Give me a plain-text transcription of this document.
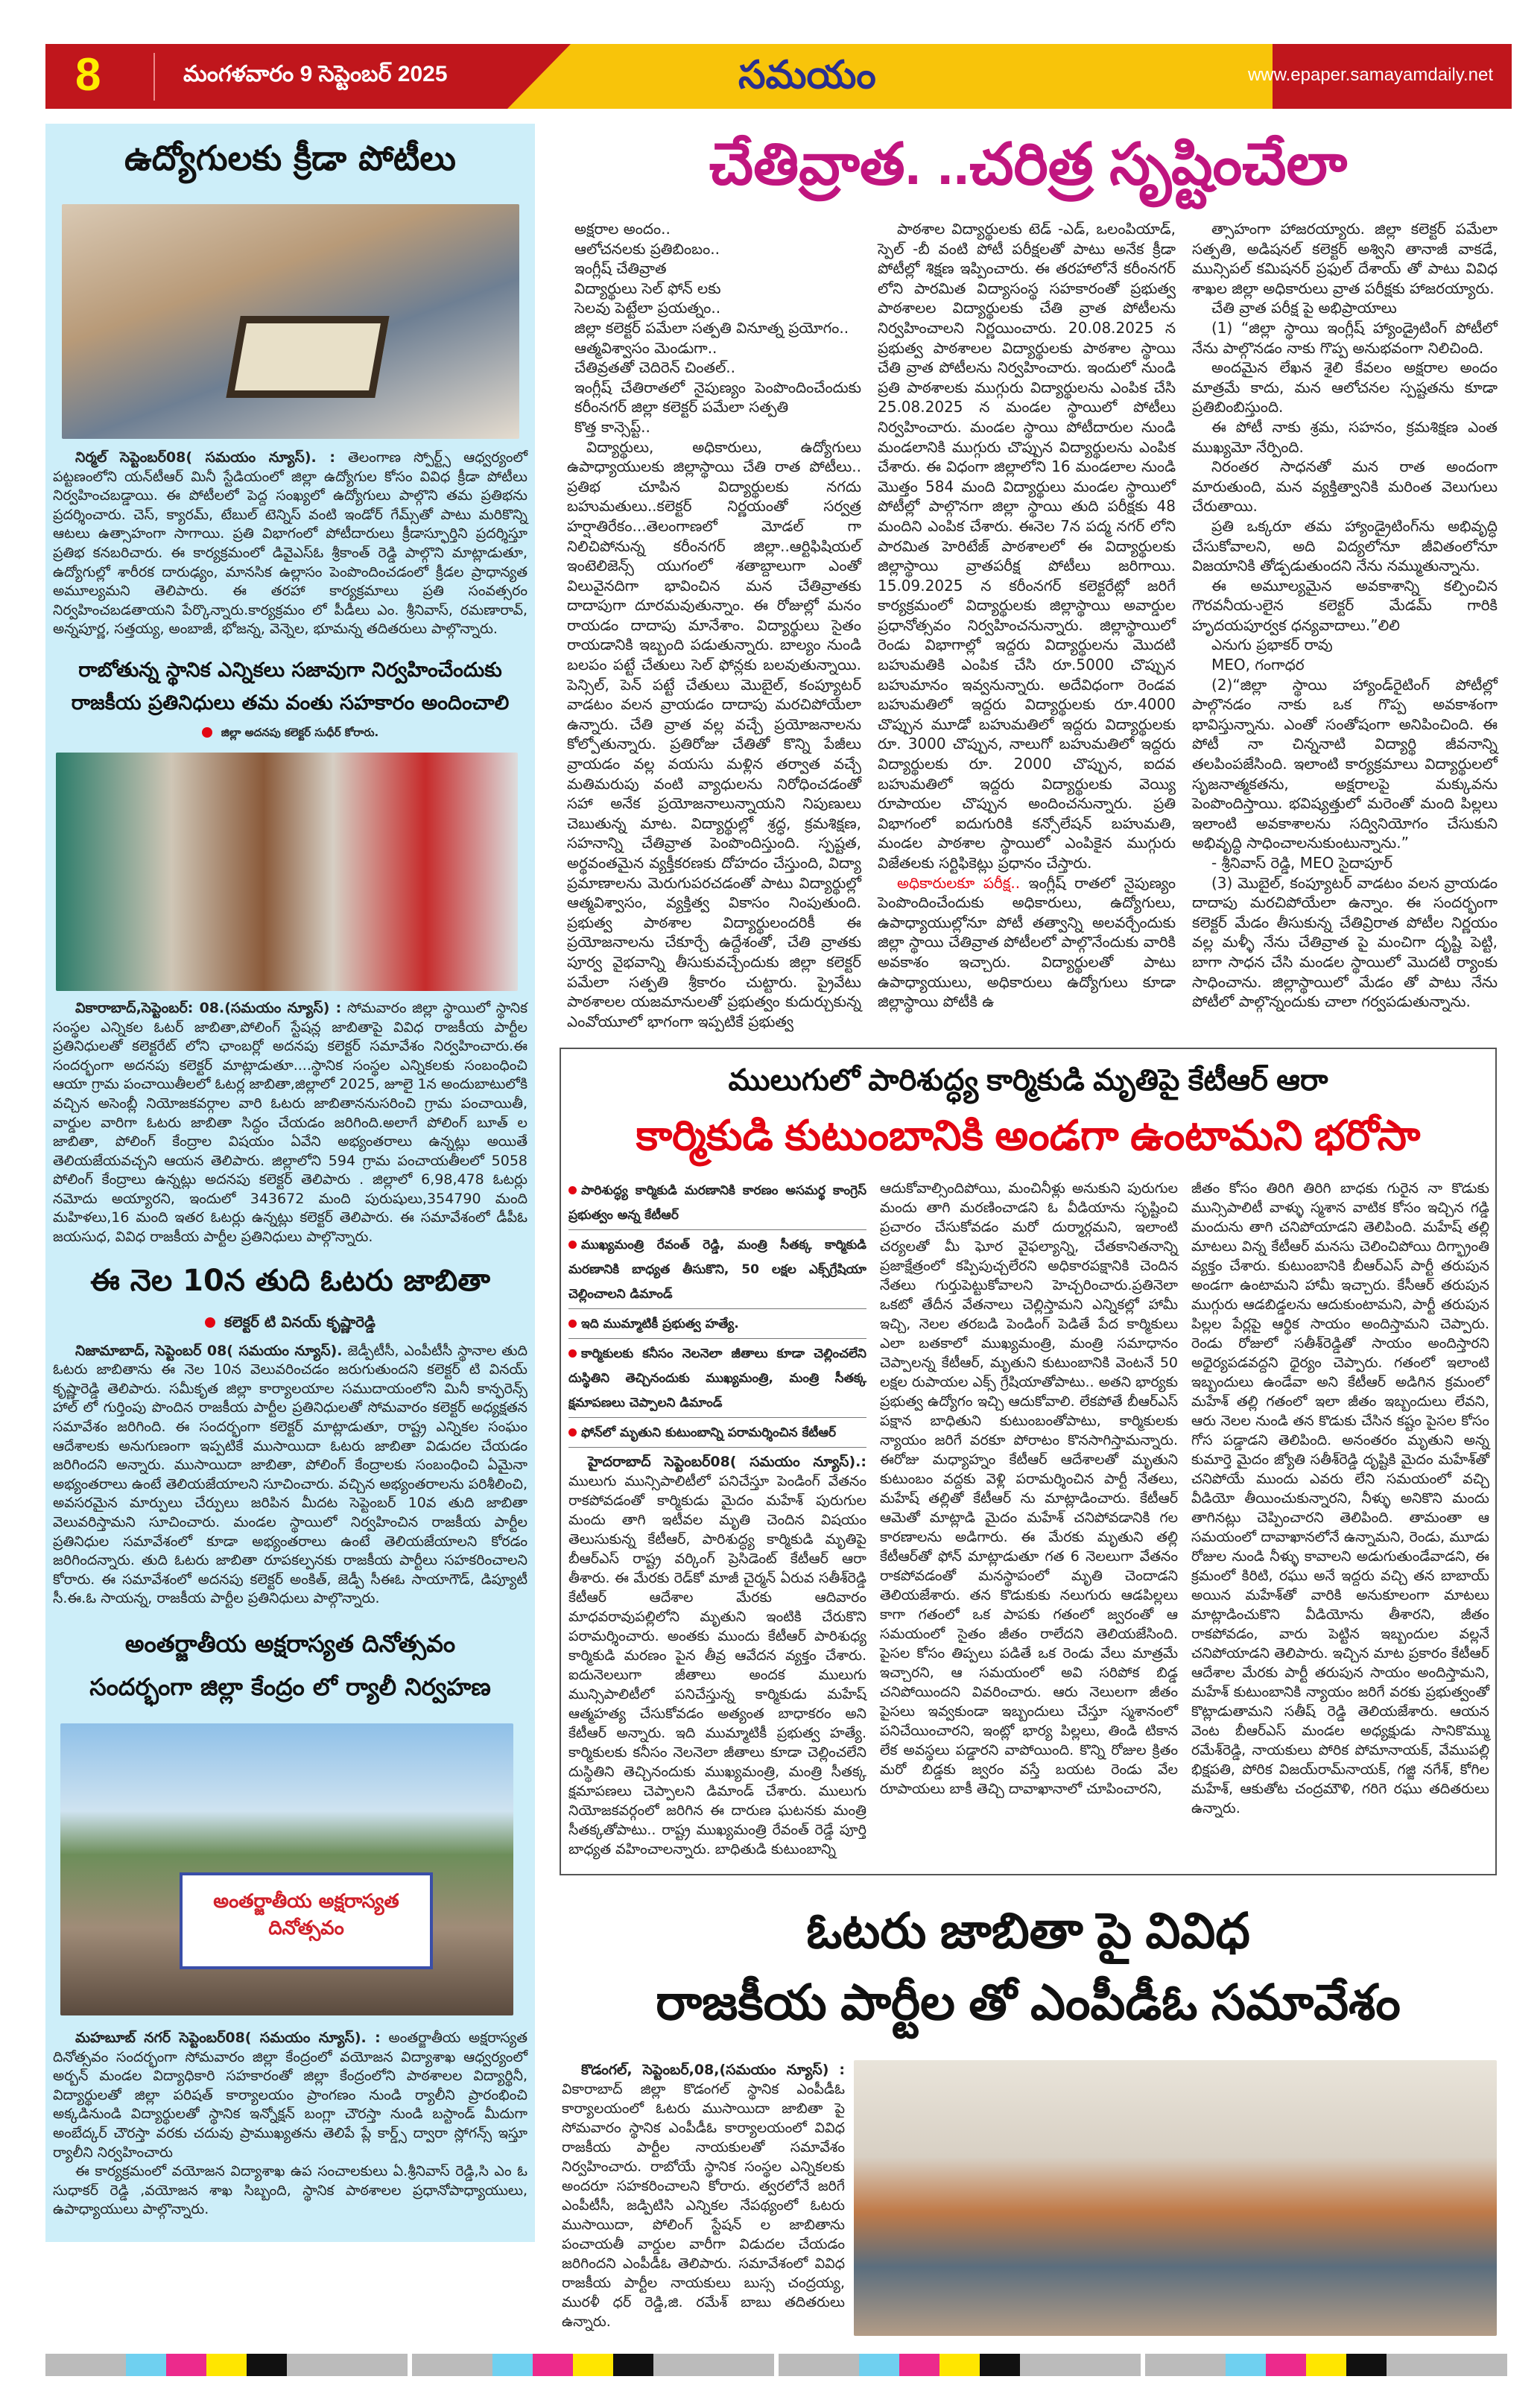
8	మంగళవారం 9 సెప్టెంబర్ 2025	సమయం	www.epaper.samayamdaily.net
ఉద్యోగులకు క్రీడా పోటీలు

నిర్మల్ సెప్టెంబర్08( సమయం న్యూస్). : తెలంగాణ స్పోర్ట్స్ ఆధ్వర్యంలో పట్టణంలోని యన్‌టీఆర్ మినీ స్టేడియంలో జిల్లా ఉద్యోగుల కోసం వివిధ క్రీడా పోటీలు నిర్వహించబడ్డాయి. ఈ పోటీలలో పెద్ద సంఖ్యలో ఉద్యోగులు పాల్గొని తమ ప్రతిభను ప్రదర్శించారు. చెస్, క్యారమ్, టేబుల్ టెన్నిస్ వంటి ఇండోర్ గేమ్స్‌తో పాటు మరికొన్ని ఆటలు ఉత్సాహంగా సాగాయి. ప్రతి విభాగంలో పోటీదారులు క్రీడాస్ఫూర్తిని ప్రదర్శిస్తూ ప్రతిభ కనబరిచారు. ఈ కార్యక్రమంలో డివైఎస్‌ఓ శ్రీకాంత్ రెడ్డి పాల్గొని మాట్లాడుతూ, ఉద్యోగుల్లో శారీరక దారుఢ్యం, మానసిక ఉల్లాసం పెంపొందించడంలో క్రీడల ప్రాధాన్యత అమూల్యమని తెలిపారు. ఈ తరహా కార్యక్రమాలు ప్రతి సంవత్సరం నిర్వహించబడతాయని పేర్కొన్నారు.కార్యక్రమం లో పీడీలు ఎం. శ్రీనివాస్, రమణారావ్, అన్నపూర్ణ, సత్తయ్య, అంబాజీ, భోజన్న, వెన్నెల, భూమన్న తదితరులు పాల్గొన్నారు.

రాబోతున్న స్థానిక ఎన్నికలు సజావుగా నిర్వహించేందుకు
రాజకీయ ప్రతినిధులు తమ వంతు సహకారం అందించాలి
జిల్లా అదనపు కలెక్టర్ సుధీర్ కోరారు.

వికారాబాద్,సెప్టెంబర్: 08.(సమయం న్యూస్) : సోమవారం జిల్లా స్థాయిలో స్థానిక సంస్థల ఎన్నికల ఓటర్ జాబితా,పోలింగ్ స్టేషన్ల జాబితాపై వివిధ రాజకీయ పార్టీల ప్రతినిధులతో కలెక్టరేట్ లోని ఛాంబర్లో అదనపు కలెక్టర్ సమావేశం నిర్వహించారు.ఈ సందర్భంగా అదనపు కలెక్టర్ మాట్లాడుతూ....స్థానిక సంస్థల ఎన్నికలకు సంబంధించి ఆయా గ్రామ పంచాయితీలలో ఓటర్ల జాబితా,జిల్లాలో 2025, జూలై 1న అందుబాటులోకి వచ్చిన అసెంబ్లీ నియోజకవర్గాల వారి ఓటరు జాబితాననుసరించి గ్రామ పంచాయితీ, వార్డుల వారిగా ఓటరు జాబితా సిద్ధం చేయడం జరిగింది.అలాగే పోలింగ్ బూత్ ల జాబితా, పోలింగ్ కేంద్రాల విషయం ఏవేని అభ్యంతరాలు ఉన్నట్లు అయితే తెలియజేయవచ్చని ఆయన తెలిపారు. జిల్లాలోని 594 గ్రామ పంచాయతీలలో 5058 పోలింగ్ కేంద్రాలు ఉన్నట్లు అదనపు కలెక్టర్ తెలిపారు . జిల్లాలో 6,98,478 ఓటర్లు నమోదు అయ్యారని, ఇందులో 343672 మంది పురుషులు,354790 మంది మహిళలు,16 మంది ఇతర ఓటర్లు ఉన్నట్లు కలెక్టర్ తెలిపారు. ఈ సమావేశంలో డీపీఓ జయసుధ, వివిధ రాజకీయ పార్టీల ప్రతినిధులు పాల్గొన్నారు.

ఈ నెల 10న తుది ఓటరు జాబితా
కలెక్టర్ టి వినయ్ కృష్ణారెడ్డి

నిజామాబాద్, సెప్టెంబర్ 08( సమయం న్యూస్). జెడ్పీటీసీ, ఎంపీటీసీ స్థానాల తుది ఓటరు జాబితాను ఈ నెల 10న వెలువరించడం జరుగుతుందని కలెక్టర్ టి వినయ్ కృష్ణారెడ్డి తెలిపారు. సమీకృత జిల్లా కార్యాలయాల సముదాయంలోని మినీ కాన్ఫరెన్స్ హాల్ లో గుర్తింపు పొందిన రాజకీయ పార్టీల ప్రతినిధులతో సోమవారం కలెక్టర్ అధ్యక్షతన సమావేశం జరిగింది. ఈ సందర్భంగా కలెక్టర్ మాట్లాడుతూ, రాష్ట్ర ఎన్నికల సంఘం ఆదేశాలకు అనుగుణంగా ఇప్పటికే ముసాయిదా ఓటరు జాబితా విడుదల చేయడం జరిగిందని అన్నారు. ముసాయిదా జాబితా, పోలింగ్ కేంద్రాలకు సంబంధించి ఏమైనా అభ్యంతరాలు ఉంటే తెలియజేయాలని సూచించారు. వచ్చిన అభ్యంతరాలను పరిశీలించి, అవసరమైన మార్పులు చేర్పులు జరిపిన మీదట సెప్టెంబర్ 10వ తుది జాబితా వెలువరిస్తామని సూచించారు. మండల స్థాయిలో నిర్వహించిన రాజకీయ పార్టీల ప్రతినిధుల సమావేశంలో కూడా అభ్యంతరాలు ఉంటే తెలియజేయాలని కోరడం జరిగిందన్నారు. తుది ఓటరు జాబితా రూపకల్పనకు రాజకీయ పార్టీలు సహకరించాలని కోరారు. ఈ సమావేశంలో అదనపు కలెక్టర్ అంకిత్, జెడ్పీ సీఈఓ సాయాగౌడ్, డిప్యూటీ సీ.ఈ.ఓ సాయన్న, రాజకీయ పార్టీల ప్రతినిధులు పాల్గొన్నారు.

అంతర్జాతీయ అక్షరాస్యత దినోత్సవం
సందర్భంగా జిల్లా కేంద్రం లో ర్యాలీ నిర్వహణ
అంతర్జాతీయ అక్షరాస్యత దినోత్సవం

మహబూబ్ నగర్ సెప్టెంబర్08( సమయం న్యూస్). : అంతర్జాతీయ అక్షరాస్యత దినోత్సవం సందర్భంగా సోమవారం జిల్లా కేంద్రంలో వయోజన విద్యాశాఖ ఆధ్వర్యంలో అర్బన్ మండల విద్యాధికారి సహకారంతో జిల్లా కేంద్రంలోని పాఠశాలల విద్యార్థినీ, విద్యార్థులతో జిల్లా పరిషత్ కార్యాలయం ప్రాంగణం నుండి ర్యాలీని ప్రారంభించి అక్కడినుండి విద్యార్థులతో స్థానిక ఇన్నోక్షన్ బంగ్లా చౌరస్తా నుండి బస్టాండ్ మీదుగా అంబేద్కర్ చౌరస్తా వరకు చదువు ప్రాముఖ్యతను తెలిపే ప్లే కార్డ్స్ ద్వారా స్లోగన్స్ ఇస్తూ ర్యాలీని నిర్వహించారు

ఈ కార్యక్రమంలో వయోజన విద్యాశాఖ ఉప సంచాలకులు ఏ.శ్రీనివాస్ రెడ్డి,సి ఎం ఓ సుధాకర్ రెడ్డి ,వయోజన శాఖ సిబ్బంది, స్థానిక పాఠశాలల ప్రధానోపాధ్యాయులు, ఉపాధ్యాయులు పాల్గొన్నారు.

చేతివ్రాత. ..చరిత్ర సృష్టించేలా
అక్షరాల అందం..
ఆలోచనలకు ప్రతిబింబం..
ఇంగ్లీష్ చేతివ్రాత
విద్యార్థులు సెల్ ఫోన్ లకు
సెలవు పెట్టేలా ప్రయత్నం..
జిల్లా కలెక్టర్ పమేలా సత్పతి వినూత్న ప్రయోగం..
ఆత్మవిశ్వాసం మెండుగా..
చేతివ్రతతో చెదిరెన్ చింతల్..
ఇంగ్లీష్ చేతిరాతలో నైపుణ్యం పెంపొందించేందుకు కరీంనగర్ జిల్లా కలెక్టర్ పమేలా సత్పతి
కొత్త కాన్సెప్ట్..

విద్యార్థులు, అధికారులు, ఉద్యోగులు ఉపాధ్యాయులకు జిల్లాస్థాయి చేతి రాత పోటీలు.. ప్రతిభ చూపిన విద్యార్థులకు నగదు బహుమతులు..కలెక్టర్ నిర్ణయంతో సర్వత్ర హర్షాతిరేకం...తెలంగాణలో మోడల్ గా నిలిచిపోనున్న కరీంనగర్ జిల్లా..ఆర్టిఫిషియల్ ఇంటెలిజెన్స్ యుగంలో శతాబ్దాలుగా ఎంతో విలువైనదిగా భావించిన మన చేతివ్రాతకు దాదాపుగా దూరమవుతున్నాం. ఈ రోజుల్లో మనం రాయడం దాదాపు మానేశాం. విద్యార్థులు సైతం రాయడానికి ఇబ్బంది పడుతున్నారు. బాల్యం నుండి బలపం పట్టే చేతులు సెల్ ఫోన్లకు బలవుతున్నాయి. పెన్సిల్, పెన్ పట్టే చేతులు మొబైల్, కంప్యూటర్ వాడటం వలన వ్రాయడం దాదాపు మరచిపోయేలా ఉన్నారు. చేతి వ్రాత వల్ల వచ్చే ప్రయోజనాలను కోల్పోతున్నారు. ప్రతిరోజు చేతితో కొన్ని పేజీలు వ్రాయడం వల్ల వయసు మళ్లిన తర్వాత వచ్చే మతిమరుపు వంటి వ్యాధులను నిరోధించడంతో సహా అనేక ప్రయోజనాలున్నాయని నిపుణులు చెబుతున్న మాట. విద్యార్థుల్లో శ్రద్ధ, క్రమశిక్షణ, సహనాన్ని చేతివ్రాత పెంపొందిస్తుంది. స్పష్టత, అర్థవంతమైన వ్యక్తీకరణకు దోహదం చేస్తుంది, విద్యా ప్రమాణాలను మెరుగుపరచడంతో పాటు విద్యార్థుల్లో ఆత్మవిశ్వాసం, వ్యక్తిత్వ వికాసం నింపుతుంది. ప్రభుత్వ పాఠశాల విద్యార్థులందరికీ ఈ ప్రయోజనాలను చేకూర్చే ఉద్దేశంతో, చేతి వ్రాతకు పూర్వ వైభవాన్ని తీసుకువచ్చేందుకు జిల్లా కలెక్టర్ పమేలా సత్పతి శ్రీకారం చుట్టారు. ప్రైవేటు పాఠశాలల యజమానులతో ప్రభుత్వం కుదుర్చుకున్న ఎంవోయూలో భాగంగా ఇప్పటికే ప్రభుత్వ

పాఠశాల విద్యార్థులకు టెడ్ -ఎడ్, ఒలంపియాడ్, స్పెల్ -బీ వంటి పోటీ పరీక్షలతో పాటు అనేక క్రీడా పోటీల్లో శిక్షణ ఇప్పించారు. ఈ తరహాలోనే కరీంనగర్ లోని పారమిత విద్యాసంస్థ సహకారంతో ప్రభుత్వ పాఠశాలల విద్యార్థులకు చేతి వ్రాత పోటీలను నిర్వహించాలని నిర్ణయించారు. 20.08.2025 న ప్రభుత్వ పాఠశాలల విద్యార్థులకు పాఠశాల స్థాయి చేతి వ్రాత పోటీలను నిర్వహించారు. ఇందులో నుండి ప్రతి పాఠశాలకు ముగ్గురు విద్యార్థులను ఎంపిక చేసి 25.08.2025 న మండల స్థాయిలో పోటీలు నిర్వహించారు. మండల స్థాయి పోటీదారుల నుండి మండలానికి ముగ్గురు చొప్పున విద్యార్థులను ఎంపిక చేశారు. ఈ విధంగా జిల్లాలోని 16 మండలాల నుండి మొత్తం 584 మంది విద్యార్థులు మండల స్థాయిలో పోటీల్లో పాల్గొనగా జిల్లా స్థాయి తుది పరీక్షకు 48 మందిని ఎంపిక చేశారు. ఈనెల 7న పద్మ నగర్ లోని పారమిత హెరిటేజ్ పాఠశాలలో ఈ విద్యార్థులకు జిల్లాస్థాయి వ్రాతపరీక్ష పోటీలు జరిగాయి. 15.09.2025 న కరీంనగర్ కలెక్టరేట్లో జరిగే కార్యక్రమంలో విద్యార్థులకు జిల్లాస్థాయి అవార్డుల ప్రధానోత్సవం నిర్వహించనున్నారు. జిల్లాస్థాయిలో రెండు విభాగాల్లో ఇద్దరు విద్యార్థులను మొదటి బహుమతికి ఎంపిక చేసి రూ.5000 చొప్పున బహుమానం ఇవ్వనున్నారు. అదేవిధంగా రెండవ బహుమతిలో ఇద్దరు విద్యార్థులకు రూ.4000 చొప్పున మూడో బహుమతిలో ఇద్దరు విద్యార్థులకు రూ. 3000 చొప్పున, నాలుగో బహుమతిలో ఇద్దరు విద్యార్థులకు రూ. 2000 చొప్పున, ఐదవ బహుమతిలో ఇద్దరు విద్యార్థులకు వెయ్యి రూపాయల చొప్పున అందించనున్నారు. ప్రతి విభాగంలో ఐదుగురికి కన్సోలేషన్ బహుమతి, మండల పాఠశాల స్థాయిలో ఎంపికైన ముగ్గురు విజేతలకు సర్టిఫికెట్లు ప్రధానం చేస్తారు.

అధికారులకూ పరీక్ష.. ఇంగ్లీష్ రాతలో నైపుణ్యం పెంపొందించేందుకు అధికారులు, ఉద్యోగులు, ఉపాధ్యాయుల్లోనూ పోటీ తత్వాన్ని అలవర్చేందుకు జిల్లా స్థాయి చేతివ్రాత పోటీలలో పాల్గొనేందుకు వారికి అవకాశం ఇచ్చారు. విద్యార్థులతో పాటు ఉపాధ్యాయులు, అధికారులు ఉద్యోగులు కూడా జిల్లాస్థాయి పోటీకి ఉ

త్సాహంగా హాజరయ్యారు. జిల్లా కలెక్టర్ పమేలా సత్పతి, అడిషనల్ కలెక్టర్ అశ్విని తానాజీ వాకడే, మున్సిపల్ కమిషనర్ ప్రఫుల్ దేశాయ్ తో పాటు వివిధ శాఖల జిల్లా అధికారులు వ్రాత పరీక్షకు హాజరయ్యారు.

చేతి వ్రాత పరీక్ష పై అభిప్రాయాలు

(1) “జిల్లా స్థాయి ఇంగ్లీష్ హ్యాండ్రైటింగ్ పోటీలో నేను పాల్గొనడం నాకు గొప్ప అనుభవంగా నిలిచింది.

అందమైన లేఖన శైలి కేవలం అక్షరాల అందం మాత్రమే కాదు, మన ఆలోచనల స్పష్టతను కూడా ప్రతిబింబిస్తుంది.

ఈ పోటీ నాకు శ్రమ, సహనం, క్రమశిక్షణ ఎంత ముఖ్యమో నేర్పింది.

నిరంతర సాధనతో మన రాత అందంగా మారుతుంది, మన వ్యక్తిత్వానికి మరింత వెలుగులు చేరుతాయి.

ప్రతి ఒక్కరూ తమ హ్యాండ్రైటింగ్‌ను అభివృద్ధి చేసుకోవాలని, అది విద్యలోనూ జీవితంలోనూ విజయానికి తోడ్పడుతుందని నేను నమ్ముతున్నాను.

ఈ అమూల్యమైన అవకాశాన్ని కల్పించిన గౌరవనీయ-ులైన కలెక్టర్ మేడమ్ గారికి హృదయపూర్వక ధన్యవాదాలు.”లిలి

ఎనుగు ప్రభాకర్ రావు

MEO, గంగాధర

(2)“జిల్లా స్థాయి హ్యాండ్‌రైటింగ్ పోటీల్లో పాల్గొనడం నాకు ఒక గొప్ప అవకాశంగా భావిస్తున్నాను. ఎంతో సంతోషంగా అనిపించింది. ఈ పోటీ నా చిన్ననాటి విద్యార్థి జీవనాన్ని తలపింపజేసింది. ఇలాంటి కార్యక్రమాలు విద్యార్థులలో సృజనాత్మకతను, అక్షరాలపై మక్కువను పెంపొందిస్తాయి. భవిష్యత్తులో మరెంతో మంది పిల్లలు ఇలాంటి అవకాశాలను సద్వినియోగం చేసుకుని అభివృద్ధి సాధించాలనుకుంటున్నాను.”

- శ్రీనివాస్ రెడ్డి, MEO సైదాపూర్

(3) మొబైల్, కంప్యూటర్ వాడటం వలన వ్రాయడం దాదాపు మరచిపోయేలా ఉన్నాం. ఈ సందర్భంగా కలెక్టర్ మేడం తీసుకున్న చేతివ్రిరాత పోటీల నిర్ణయం వల్ల మళ్ళీ నేను చేతివ్రాత పై మంచిగా దృష్టి పెట్టి, బాగా సాధన చేసి మండల స్థాయిలో మొదటి ర్యాంకు సాధించాను. జిల్లాస్థాయిలో మేడం తో పాటు నేను పోటీలో పాల్గొన్నందుకు చాలా గర్వపడుతున్నాను.

ములుగులో పారిశుద్ధ్య కార్మికుడి మృతిపై కేటీఆర్ ఆరా
కార్మికుడి కుటుంబానికి అండగా ఉంటామని భరోసా
పారిశుద్ధ్య కార్మికుడి మరణానికి కారణం అసమర్థ కాంగ్రెస్ ప్రభుత్వం అన్న కేటీఆర్
ముఖ్యమంత్రి రేవంత్ రెడ్డి, మంత్రి సీతక్క కార్మికుడి మరణానికి బాధ్యత తీసుకొని, 50 లక్షల ఎక్స్‌గ్రేషియా చెల్లించాలని డిమాండ్
ఇది ముమ్మాటికీ ప్రభుత్వ హత్యే.
కార్మికులకు కనీసం నెలనెలా జీతాలు కూడా చెల్లించలేని దుస్థితిని తెచ్చినందుకు ముఖ్యమంత్రి, మంత్రి సీతక్క క్షమాపణలు చెప్పాలని డిమాండ్
ఫోన్‌లో మృతుని కుటుంబాన్ని పరామర్శించిన కేటీఆర్

హైదరాబాద్ సెప్టెంబర్08( సమయం న్యూస్).: ములుగు మున్సిపాలిటీలో పనిచేస్తూ పెండింగ్ వేతనం రాకపోవడంతో కార్మికుడు మైదం మహేశ్ పురుగుల మందు తాగి ఇటీవల మృతి చెందిన విషయం తెలుసుకున్న కేటీఆర్, పారిశుద్ధ్య కార్మికుడి మృతిపై బీఆర్ఎస్ రాష్ట్ర వర్కింగ్ ప్రెసిడెంట్ కేటీఆర్ ఆరా తీశారు. ఈ మేరకు రెడ్‌కో మాజీ చైర్మన్ ఏరువ సతీశ్‌రెడ్డి కేటీఆర్ ఆదేశాల మేరకు ఆదివారం మాధవరావుపల్లిలోని మృతుని ఇంటికి చేరుకొని పరామర్శించారు. అంతకు ముందు కేటీఆర్ పారిశుధ్య కార్మికుడి మరణం పైన తీవ్ర ఆవేదన వ్యక్తం చేశారు. ఐదునెలలుగా జీతాలు అందక ములుగు మున్సిపాలిటీలో పనిచేస్తున్న కార్మికుడు మహేష్ ఆత్మహత్య చేసుకోవడం అత్యంత బాధాకరం అని కేటీఆర్ అన్నారు. ఇది ముమ్మాటికీ ప్రభుత్వ హత్యే. కార్మికులకు కనీసం నెలనెలా జీతాలు కూడా చెల్లించలేని దుస్థితిని తెచ్చినందుకు ముఖ్యమంత్రి, మంత్రి సీతక్క క్షమాపణలు చెప్పాలని డిమాండ్ చేశారు. ములుగు నియోజకవర్గంలో జరిగిన ఈ దారుణ ఘటనకు మంత్రి సీతక్కతోపాటు.. రాష్ట్ర ముఖ్యమంత్రి రేవంత్ రెడ్డే పూర్తి బాధ్యత వహించాలన్నారు. బాధితుడి కుటుంబాన్ని

ఆదుకోవాల్సిందిపోయి, మంచినీళ్లు అనుకుని పురుగుల మందు తాగి మరణించాడని ఓ వీడియాను సృష్టించి ప్రచారం చేసుకోవడం మరో దుర్మార్గమని, ఇలాంటి చర్యలతో మీ ఘోర వైఫల్యాన్ని, చేతకానితనాన్ని ప్రజాక్షేత్రంలో కప్పిపుచ్చలేరని అధికారపక్షానికి చెందిన నేతలు గుర్తుపెట్టుకోవాలని హెచ్చరించారు.ప్రతినెలా ఒకటో తేదీన వేతనాలు చెల్లిస్తామని ఎన్నికల్లో హామీ ఇచ్చి, నెలల తరబడి పెండింగ్ పెడితే పేద కార్మికులు ఎలా బతకాలో ముఖ్యమంత్రి, మంత్రి సమాధానం చెప్పాలన్న కేటీఆర్, మృతుని కుటుంబానికి వెంటనే 50 లక్షల రుపాయల ఎక్స్ గ్రేషియాతోపాటు.. అతని భార్యకు ప్రభుత్వ ఉద్యోగం ఇచ్చి ఆదుకోవాలి. లేకపోతే బీఆర్ఎస్ పక్షాన బాధితుని కుటుంబంతోపాటు, కార్మికులకు న్యాయం జరిగే వరకూ పోరాటం కొనసాగిస్తామన్నారు. ఈరోజు మధ్యాహ్నం కేటీఆర్ ఆదేశాలతో మృతుని కుటుంబం వద్దకు వెళ్లి పరామర్శించిన పార్టీ నేతలు, మహేష్ తల్లితో కేటీఆర్ ను మాట్లాడించారు. కేటీఆర్ ఆమెతో మాట్లాడి మైదం మహేశ్ చనిపోవడానికి గల కారణాలను అడిగారు. ఈ మేరకు మృతుని తల్లి కేటీఆర్‌తో ఫోన్ మాట్లాడుతూ గత 6 నెలలుగా వేతనం రాకపోవడంతో మనస్థాపంలో మృతి చెందాడని తెలియజేశారు. తన కొడుకుకు నలుగురు ఆడపిల్లలు కాగా గతంలో ఒక పాపకు గతంలో జ్వరంతో ఆ సమయంలో సైతం జీతం రాలేదని తెలియజేసింది. పైసల కోసం తిప్పలు పడితే ఒక రెండు వేలు మాత్రమే ఇచ్చారని, ఆ సమయంలో అవి సరిపోక బిడ్డ చనిపోయిందని వివరించారు. ఆరు నెలులగా జీతం పైసలు ఇవ్వకుండా ఇబ్బందులు చేస్తూ స్మశానంలో పనిచేయించారని, ఇంట్లో భార్య పిల్లలు, తిండి టికాన లేక అవస్థలు పడ్డారని వాపోయింది. కొన్ని రోజుల క్రితం మరో బిడ్డకు జ్వరం వస్తే బయట రెండు వేల రూపాయలు బాకీ తెచ్చి దావాఖానాలో చూపించారని,

జీతం కోసం తిరిగి తిరిగి బాధకు గురైన నా కొడుకు మున్సిపాలిటీ వాళ్ళు స్మశాన వాటిక కోసం ఇచ్చిన గడ్డి మందును తాగి చనిపోయాడని తెలిపింది. మహేష్ తల్లి మాటలు విన్న కేటీఆర్ మనసు చెలించిపోయి దిగ్భ్రాంతి వ్యక్తం చేశారు. కుటుంబానికి బీఆర్ఎస్ పార్టీ తరుపున అండగా ఉంటామని హామీ ఇచ్చారు. కేసీఆర్ తరుపున ముగ్గురు ఆడబిడ్డలను ఆదుకుంటామని, పార్టీ తరుపున పిల్లల పేర్లపై ఆర్థిక సాయం అందిస్తామని చెప్పారు. రెండు రోజులో సతీశ్‌రెడ్డితో సాయం అందిస్తారని అధైర్యపడవద్దని ధైర్యం చెప్పారు. గతంలో ఇలాంటి ఇబ్బందులు ఉండేవా అని కేటీఆర్ అడిగిన క్రమంలో మహేశ్ తల్లి గతంలో ఇలా జీతం ఇబ్బందులు లేవని, ఆరు నెలల నుండి తన కొడుకు చేసిన కష్టం పైసల కోసం గోస పడ్డాడని తెలిపింది. అనంతరం మృతుని అన్న కుమార్తె మైదం జ్యోతి సతీశ్‌రెడ్డి దృష్టికి మైదం మహేశ్‌తో చనిపోయే ముందు ఎవరు లేని సమయంలో వచ్చి వీడియో తీయించుకున్నారని, నీళ్ళు అనికొని మందు తాగినట్లు చెప్పించారని తెలిపింది. తామంతా ఆ సమయంలో దావాఖానలోనే ఉన్నామని, రెండు, మూడు రోజుల నుండి నీళ్ళు కావాలని అడుగుతుండేవాడని, ఈ క్రమంలో కిరిటి, రఘు అనే ఇద్దరు వచ్చి తన బాబాయ్ అయిన మహేశ్‌తో వారికి అనుకూలంగా మాటలు మాట్లాడించుకొని వీడియోను తీశారని, జీతం రాకపోవడం, వారు పెట్టిన ఇబ్బందుల వల్లనే చనిపోయాడని తెలిపారు. ఇచ్చిన మాట ప్రకారం కేటీఆర్ ఆదేశాల మేరకు పార్టీ తరుపున సాయం అందిస్తామని, మహేశ్ కుటుంబానికి న్యాయం జరిగే వరకు ప్రభుత్వంతో కొట్లాడుతామని సతీష్ రెడ్డి తెలియజేశారు. ఆయన వెంట బీఆర్ఎస్ మండల అధ్యక్షుడు సానికొమ్ము రమేశ్‌రెడ్డి, నాయకులు పోరిక పోమానాయక్, వేముపల్లి భిక్షపతి, పోరిక విజయ్‌రామ్‌నాయక్, గజ్జి నగేశ్, కోగిల మహేశ్, ఆకుతోట చంద్రమౌళి, గరిగె రఘు తదితరులు ఉన్నారు.

ఓటరు జాబితా పై వివిధ
రాజకీయ పార్టీల తో ఎంపీడీఓ సమావేశం

కొడంగల్, సెప్టెంబర్,08,(సమయం న్యూస్) : వికారాబాద్ జిల్లా కొడంగల్ స్థానిక ఎంపీడీఓ కార్యాలయంలో ఓటరు ముసాయిదా జాబితా పై సోమవారం స్థానిక ఎంపీడీఓ కార్యాలయంలో వివిధ రాజకీయ పార్టీల నాయకులతో సమావేశం నిర్వహించారు. రాబోయే స్థానిక సంస్థల ఎన్నికలకు అందరూ సహకరించాలని కోరారు. త్వరలోనే జరిగే ఎంపీటీసీ, జడ్పిటిసి ఎన్నికల నేపథ్యంలో ఓటరు ముసాయిదా, పోలింగ్ స్టేషన్ ల జాబితాను పంచాయతీ వార్డుల వారీగా విడుదల చేయడం జరిగిందని ఎంపీడీఓ తెలిపారు. సమావేశంలో వివిధ రాజకీయ పార్టీల నాయకులు బుస్స చంద్రయ్య, మురళీ ధర్ రెడ్డి,జి. రమేశ్ బాబు తదితరులు ఉన్నారు.
